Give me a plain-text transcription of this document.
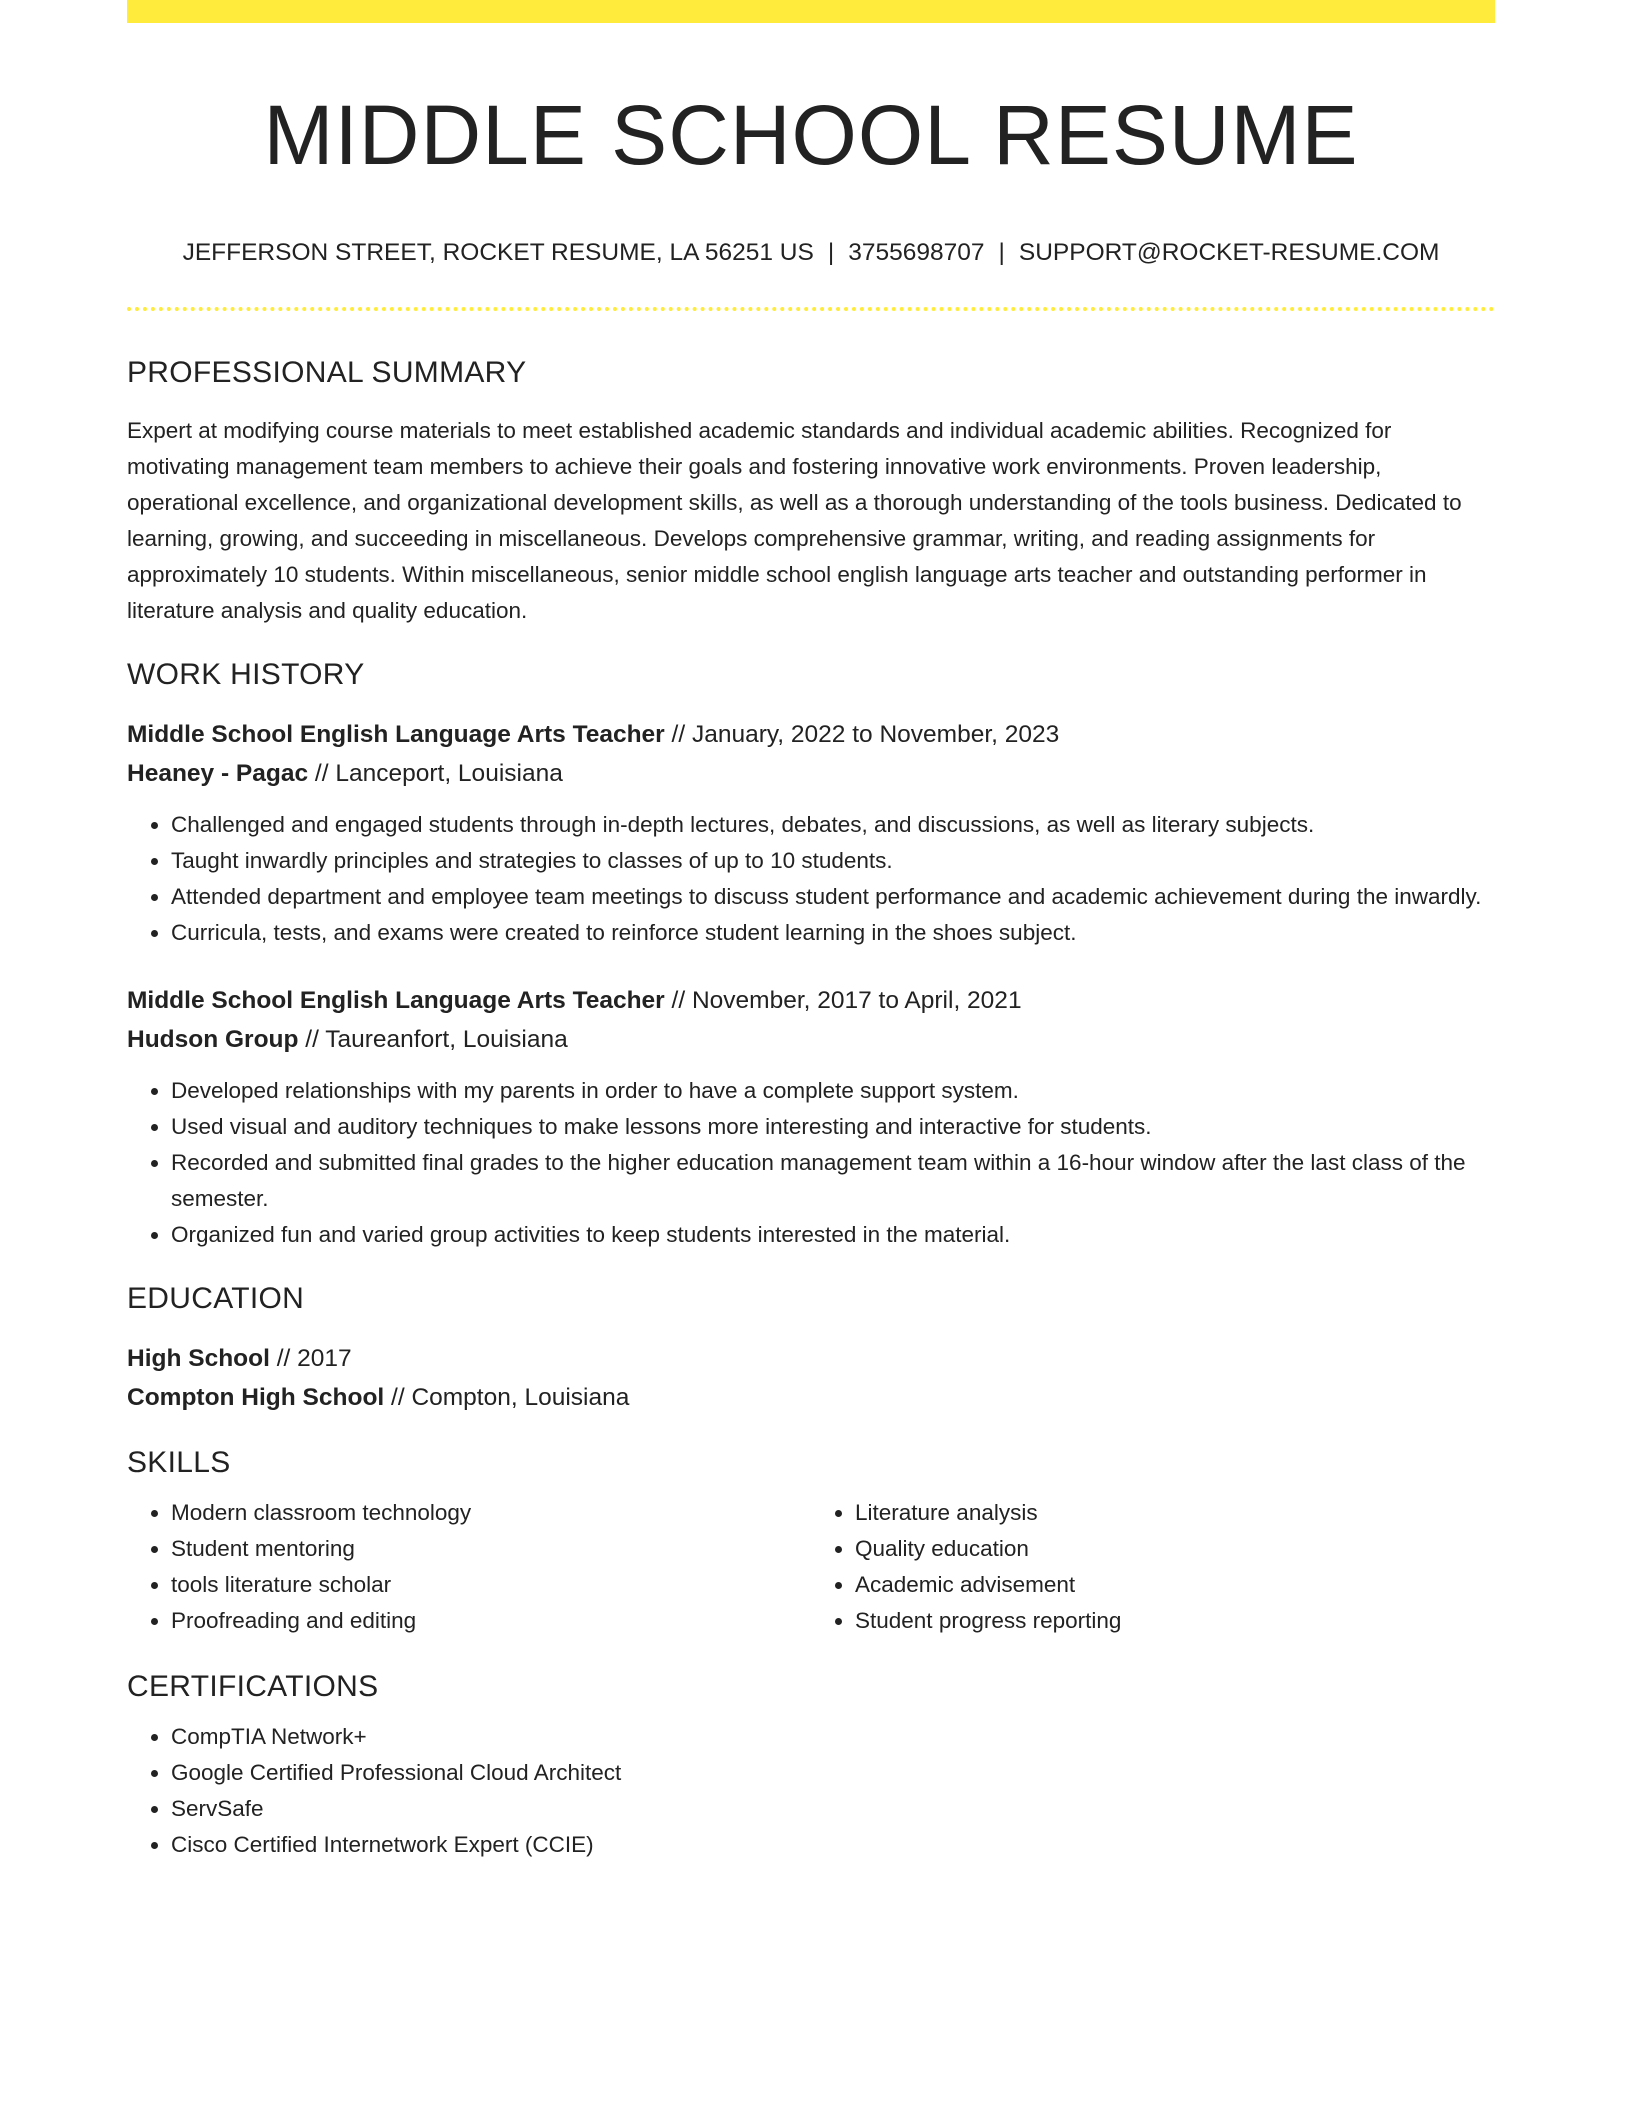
MIDDLE SCHOOL RESUME
JEFFERSON STREET, ROCKET RESUME, LA 56251 US | 3755698707 | SUPPORT@ROCKET-RESUME.COM
PROFESSIONAL SUMMARY

Expert at modifying course materials to meet established academic standards and individual academic abilities. Recognized for motivating management team members to achieve their goals and fostering innovative work environments. Proven leadership, operational excellence, and organizational development skills, as well as a thorough understanding of the tools business. Dedicated to learning, growing, and succeeding in miscellaneous. Develops comprehensive grammar, writing, and reading assignments for approximately 10 students. Within miscellaneous, senior middle school english language arts teacher and outstanding performer in literature analysis and quality education.

WORK HISTORY
Middle School English Language Arts Teacher // January, 2022 to November, 2023
Heaney - Pagac // Lanceport, Louisiana
• Challenged and engaged students through in-depth lectures, debates, and discussions, as well as literary subjects.
• Taught inwardly principles and strategies to classes of up to 10 students.
• Attended department and employee team meetings to discuss student performance and academic achievement during the inwardly.
• Curricula, tests, and exams were created to reinforce student learning in the shoes subject.
Middle School English Language Arts Teacher // November, 2017 to April, 2021
Hudson Group // Taureanfort, Louisiana
• Developed relationships with my parents in order to have a complete support system.
• Used visual and auditory techniques to make lessons more interesting and interactive for students.
• Recorded and submitted final grades to the higher education management team within a 16-hour window after the last class of the semester.
• Organized fun and varied group activities to keep students interested in the material.
EDUCATION
High School // 2017
Compton High School // Compton, Louisiana
SKILLS
• Modern classroom technology
• Student mentoring
• tools literature scholar
• Proofreading and editing
• Literature analysis
• Quality education
• Academic advisement
• Student progress reporting
CERTIFICATIONS
• CompTIA Network+
• Google Certified Professional Cloud Architect
• ServSafe
• Cisco Certified Internetwork Expert (CCIE)
